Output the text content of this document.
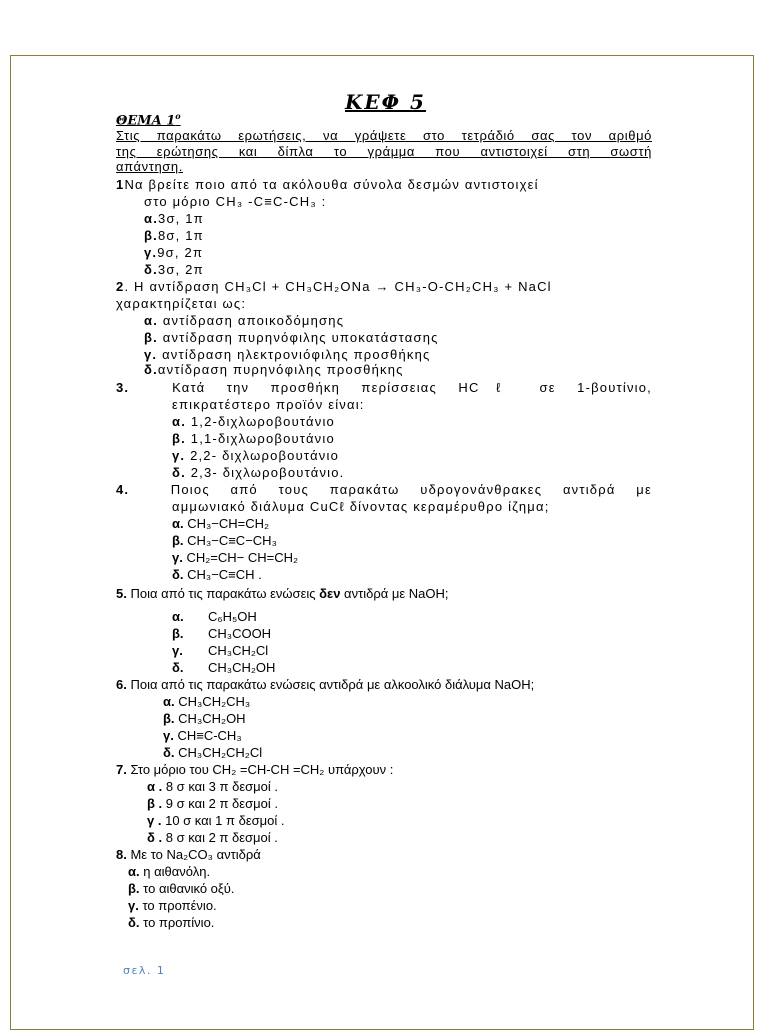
ΚΕΦ 5
ΘΕΜΑ $1^o$
Στις παρακάτω ερωτήσεις, να γράψετε στο τετράδιό σας τον αριθμό
της ερώτησης και δίπλα το γράμμα που αντιστοιχεί στη σωστή
απάντηση.
1Να βρείτε ποιο από τα ακόλουθα σύνολα δεσμών αντιστοιχεί
στο μόριο CH₃ -C≡C-CH₃ :
α.3σ, 1π
β.8σ, 1π
γ.9σ, 2π
δ.3σ, 2π
2. Η αντίδραση CH₃Cl + CH₃CH₂ONa → CH₃-O-CH₂CH₃ + NaCl
χαρακτηρίζεται ως:
α. αντίδραση αποικοδόμησης
β. αντίδραση πυρηνόφιλης υποκατάστασης
γ. αντίδραση ηλεκτρονιόφιλης προσθήκης
δ.αντίδραση πυρηνόφιλης προσθήκης
3.	Κατά την προσθήκη περίσσειας HCℓ σε 1-βουτίνιο,
επικρατέστερο προϊόν είναι:
α. 1,2-διχλωροβουτάνιο
β. 1,1-διχλωροβουτάνιο
γ. 2,2- διχλωροβουτάνιο
δ. 2,3- διχλωροβουτάνιο.
4.	Ποιος από τους παρακάτω υδρογονάνθρακες αντιδρά με
αμμωνιακό διάλυμα CuCℓ δίνοντας κεραμέρυθρο ίζημα;
α. CH₃−CH=CH₂
β. CH₃−C≡C−CH₃
γ. CH₂=CH− CH=CH₂
δ. CH₃−C≡CH .
5. Ποια από τις παρακάτω ενώσεις δεν αντιδρά με NaOH;
α. C₆H₅OH
β. CH₃COOH
γ. CH₃CH₂Cl
δ. CH₃CH₂OH
6. Ποια από τις παρακάτω ενώσεις αντιδρά με αλκοολικό διάλυμα NaOH;
α. CH₃CH₂CH₃
β. CH₃CH₂OH
γ. CH≡C-CH₃
δ. CH₃CH₂CH₂Cl
7. Στο μόριο του CH₂ =CH-CH =CH₂ υπάρχουν :
α . 8 σ και 3 π δεσμοί .
β . 9 σ και 2 π δεσμοί .
γ . 10 σ και 1 π δεσμοί .
δ . 8 σ και 2 π δεσμοί .
8. Με το Na₂CO₃ αντιδρά
α. η αιθανόλη.
β. το αιθανικό οξύ.
γ. το προπένιο.
δ. το προπίνιο.
σελ. 1
